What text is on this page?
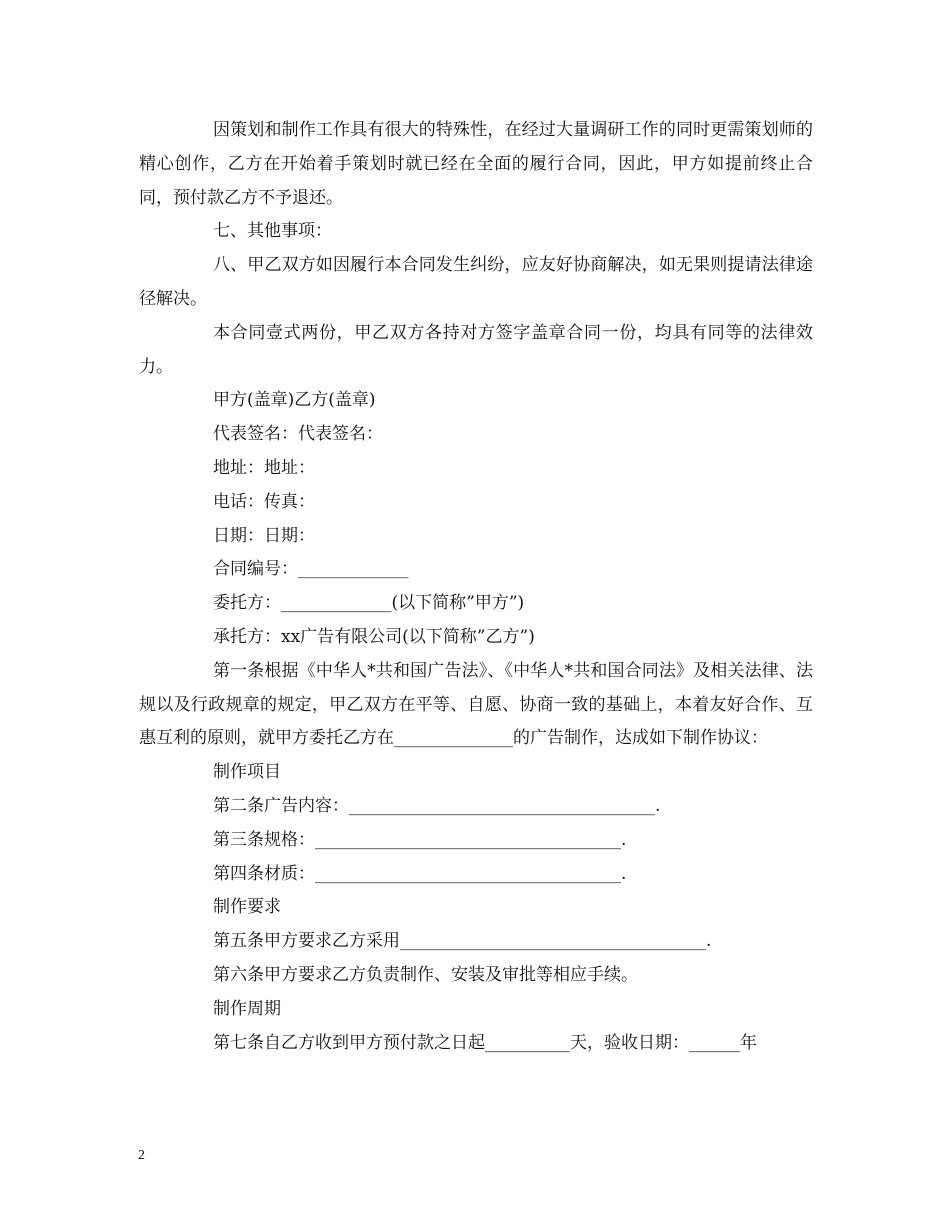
因策划和制作工作具有很大的特殊性，在经过大量调研工作的同时更需策划师的精心创作，乙方在开始着手策划时就已经在全面的履行合同，因此，甲方如提前终止合同，预付款乙方不予退还。

七、其他事项：

八、甲乙双方如因履行本合同发生纠纷，应友好协商解决，如无果则提请法律途径解决。

本合同壹式两份，甲乙双方各持对方签字盖章合同一份，均具有同等的法律效力。

甲方(盖章)乙方(盖章)

代表签名：代表签名：

地址：地址：

电话：传真：

日期：日期：

合同编号：_____________

委托方：_____________(以下简称”甲方”)

承托方：xx广告有限公司(以下简称”乙方”)

第一条根据《中华人*共和国广告法》、《中华人*共和国合同法》及相关法律、法规以及行政规章的规定，甲乙双方在平等、自愿、协商一致的基础上，本着友好合作、互惠互利的原则，就甲方委托乙方在______________的广告制作，达成如下制作协议：

制作项目

第二条广告内容：____________________________________.

第三条规格：____________________________________.

第四条材质：____________________________________.

制作要求

第五条甲方要求乙方采用____________________________________.

第六条甲方要求乙方负责制作、安装及审批等相应手续。

制作周期

第七条自乙方收到甲方预付款之日起__________天，验收日期：______年

2
